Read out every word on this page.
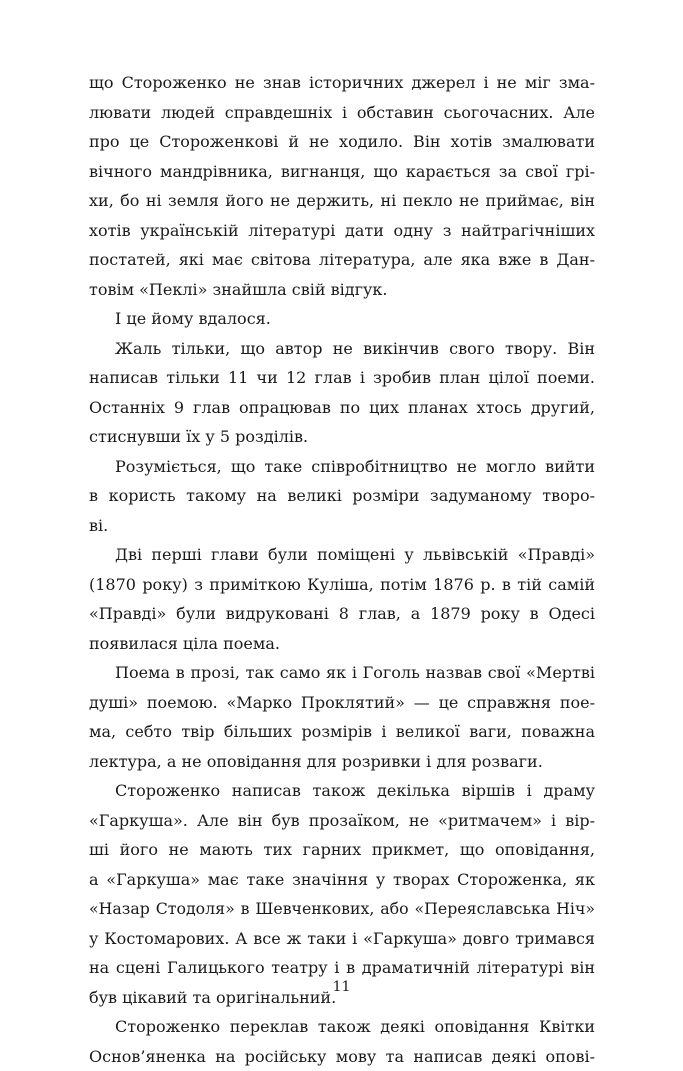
що Стороженко не знав історичних джерел і не міг зма-
лювати людей справдешніх і обставин сьогочасних. Але
про це Стороженкові й не ходило. Він хотів змалювати
вічного мандрівника, вигнанця, що карається за свої грі-
хи, бо ні земля його не держить, ні пекло не приймає, він
хотів українській літературі дати одну з найтрагічніших
постатей, які має світова література, але яка вже в Дан-
товім «Пеклі» знайшла свій відгук.
І це йому вдалося.
Жаль тільки, що автор не викінчив свого твору. Він
написав тільки 11 чи 12 глав і зробив план цілої поеми.
Останніх 9 глав опрацював по цих планах хтось другий,
стиснувши їх у 5 розділів.
Розуміється, що таке співробітництво не могло вийти
в користь такому на великі розміри задуманому творо-
ві.
Дві перші глави були поміщені у львівській «Правді»
(1870 року) з приміткою Куліша, потім 1876 р. в тій самій
«Правді» були видруковані 8 глав, а 1879 року в Одесі
появилася ціла поема.
Поема в прозі, так само як і Гоголь назвав свої «Мертві
душі» поемою. «Марко Проклятий» — це справжня поe-
ма, себто твір більших розмірів і великої ваги, поважна
лектура, а не оповідання для розривки і для розваги.
Стороженко написав також декілька віршів і драму
«Гаркуша». Але він був прозаїком, не «ритмачем» і вір-
ші його не мають тих гарних прикмет, що оповідання,
а «Гаркуша» має таке значіння у творах Стороженка, як
«Назар Стодоля» в Шевченкових, або «Переяславська Ніч»
у Костомарових. А все ж таки і «Гаркуша» довго тримався
на сцені Галицького театру і в драматичній літературі він
був цікавий та оригінальний.
Стороженко переклав також деякі оповідання Квітки
Основ’яненка на російську мову та написав деякі опові-
11
